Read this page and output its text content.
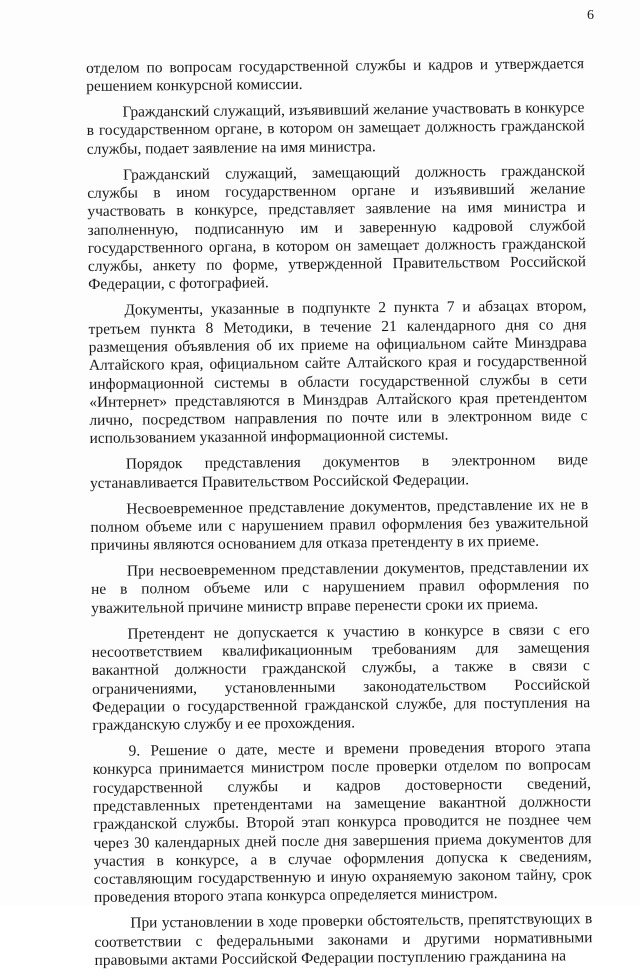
6

отделом по вопросам государственной службы и кадров и утверждается решением конкурсной комиссии.

Гражданский служащий, изъявивший желание участвовать в конкурсе в государственном органе, в котором он замещает должность гражданской службы, подает заявление на имя министра.

Гражданский служащий, замещающий должность гражданской службы в ином государственном органе и изъявивший желание участвовать в конкурсе, представляет заявление на имя министра и заполненную, подписанную им и заверенную кадровой службой государственного органа, в котором он замещает должность гражданской службы, анкету по форме, утвержденной Правительством Российской Федерации, с фотографией.

Документы, указанные в подпункте 2 пункта 7 и абзацах втором, третьем пункта 8 Методики, в течение 21 календарного дня со дня размещения объявления об их приеме на официальном сайте Минздрава Алтайского края, официальном сайте Алтайского края и государственной информационной системы в области государственной службы в сети «Интернет» представляются в Минздрав Алтайского края претендентом лично, посредством направления по почте или в электронном виде с использованием указанной информационной системы.

Порядок представления документов в электронном виде устанавливается Правительством Российской Федерации.

Несвоевременное представление документов, представление их не в полном объеме или с нарушением правил оформления без уважительной причины являются основанием для отказа претенденту в их приеме.

При несвоевременном представлении документов, представлении их не в полном объеме или с нарушением правил оформления по уважительной причине министр вправе перенести сроки их приема.

Претендент не допускается к участию в конкурсе в связи с его несоответствием квалификационным требованиям для замещения вакантной должности гражданской службы, а также в связи с ограничениями, установленными законодательством Российской Федерации о государственной гражданской службе, для поступления на гражданскую службу и ее прохождения.

9. Решение о дате, месте и времени проведения второго этапа конкурса принимается министром после проверки отделом по вопросам государственной службы и кадров достоверности сведений, представленных претендентами на замещение вакантной должности гражданской службы. Второй этап конкурса проводится не позднее чем через 30 календарных дней после дня завершения приема документов для участия в конкурсе, а в случае оформления допуска к сведениям, составляющим государственную и иную охраняемую законом тайну, срок проведения второго этапа конкурса определяется министром.

При установлении в ходе проверки обстоятельств, препятствующих в соответствии с федеральными законами и другими нормативными правовыми актами Российской Федерации поступлению гражданина на
